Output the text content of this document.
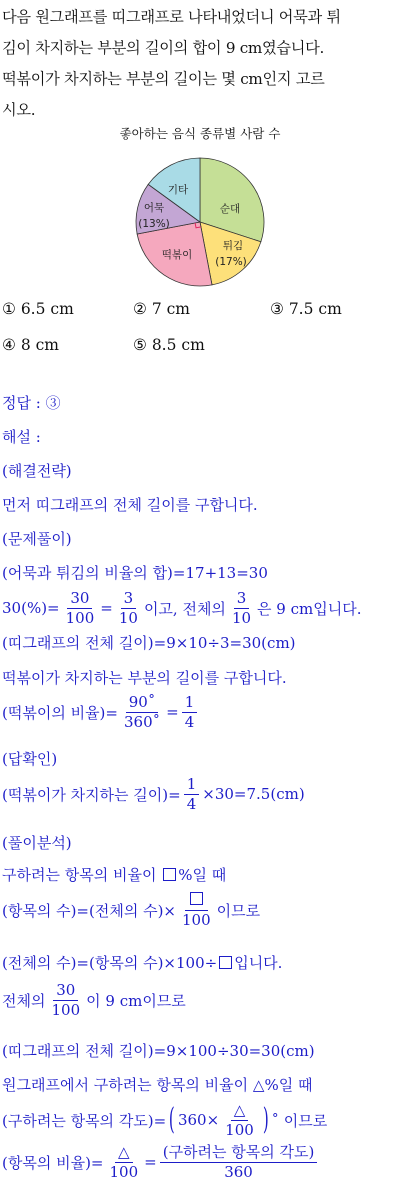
다음 원그래프를 띠그래프로 나타내었더니 어묵과 튀

김이 차지하는 부분의 길이의 합이 9 cm였습니다.

떡볶이가 차지하는 부분의 길이는 몇 cm인지 고르

시오.

좋아하는 음식 종류별 사람 수
순대
튀김
(17%)
떡볶이
어묵
(13%)
기타
① 6.5 cm	② 7 cm	③ 7.5 cm
④ 8 cm	⑤ 8.5 cm
정답 : ③
해설 :
(해결전략)
먼저 띠그래프의 전체 길이를 구합니다.
(문제풀이)
(어묵과 튀김의 비율의 합)=17+13=30
$30(\%)= \frac{30}{100} = \frac{3}{10}$ 이고, 전체의 $\frac{3}{10}$ 은 9 cm입니다.
(띠그래프의 전체 길이)=9×10÷3=30(cm)
떡볶이가 차지하는 부분의 길이를 구합니다.
(떡볶이의 비율)= $\frac{90˚}{360˚} = \frac{1}{4}$
(답확인)
(떡볶이가 차지하는 길이)= $\frac{1}{4} \times 30=7.5(cm)$
(풀이분석)
구하려는 항목의 비율이
%일 때
(항목의 수)=(전체의 수)× 100 이므로
(전체의 수)=(항목의 수)×100÷ 입니다.
전체의 $\frac{30}{100}$ 이 9 cm이므로
(띠그래프의 전체 길이)=9×100÷30=30(cm)
원그래프에서 구하려는 항목의 비율이 △%일 때
(구하려는 항목의 각도)= ( $360\times \frac{\triangle}{100}$ ) ˚ 이므로
(항목의 비율)= $\frac{\triangle}{100} = \frac{\text{(구하려는 항목의 각도)}}{360}$
